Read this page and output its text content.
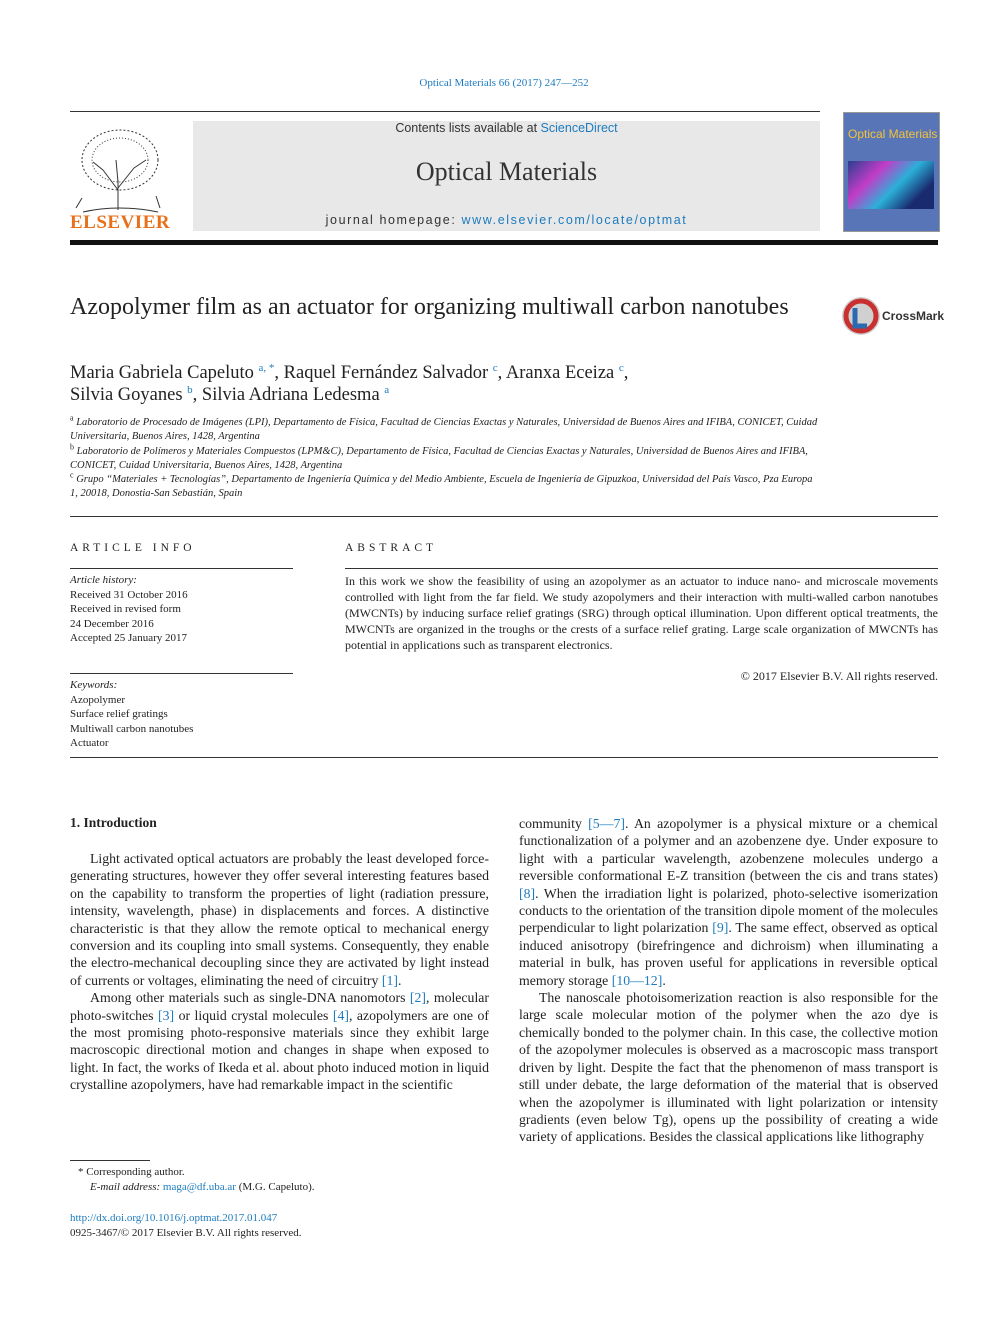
Optical Materials 66 (2017) 247—252
ELSEVIER
Contents lists available at ScienceDirect
Optical Materials
journal homepage: www.elsevier.com/locate/optmat
Optical Materials
Azopolymer film as an actuator for organizing multiwall carbon nanotubes	CrossMark
Maria Gabriela Capeluto $^{a, *}$, Raquel Fernández Salvador $^c$, Aranxa Eceiza $^c$,
Silvia Goyanes $^b$, Silvia Adriana Ledesma $^a$
$^a$ Laboratorio de Procesado de Imágenes (LPI), Departamento de Física, Facultad de Ciencias Exactas y Naturales, Universidad de Buenos Aires and IFIBA, CONICET, Cuidad Universitaria, Buenos Aires, 1428, Argentina
$^b$ Laboratorio de Polímeros y Materiales Compuestos (LPM&C), Departamento de Física, Facultad de Ciencias Exactas y Naturales, Universidad de Buenos Aires and IFIBA, CONICET, Cuidad Universitaria, Buenos Aires, 1428, Argentina
$^c$ Grupo “Materiales + Tecnologías”, Departamento de Ingeniería Química y del Medio Ambiente, Escuela de Ingeniería de Gipuzkoa, Universidad del País Vasco, Pza Europa 1, 20018, Donostia-San Sebastián, Spain
ARTICLE INFO
Article history:
Received 31 October 2016
Received in revised form
24 December 2016
Accepted 25 January 2017
Keywords:
Azopolymer
Surface relief gratings
Multiwall carbon nanotubes
Actuator
ABSTRACT
In this work we show the feasibility of using an azopolymer as an actuator to induce nano- and microscale movements controlled with light from the far field. We study azopolymers and their interaction with multi-walled carbon nanotubes (MWCNTs) by inducing surface relief gratings (SRG) through optical illumination. Upon different optical treatments, the MWCNTs are organized in the troughs or the crests of a surface relief grating. Large scale organization of MWCNTs has potential in applications such as transparent electronics.
© 2017 Elsevier B.V. All rights reserved.
1. Introduction

Light activated optical actuators are probably the least developed force-generating structures, however they offer several interesting features based on the capability to transform the properties of light (radiation pressure, intensity, wavelength, phase) in displacements and forces. A distinctive characteristic is that they allow the remote optical to mechanical energy conversion and its coupling into small systems. Consequently, they enable the electro-mechanical decoupling since they are activated by light instead of currents or voltages, eliminating the need of circuitry [1].

Among other materials such as single-DNA nanomotors [2], molecular photo-switches [3] or liquid crystal molecules [4], azopolymers are one of the most promising photo-responsive materials since they exhibit large macroscopic directional motion and changes in shape when exposed to light. In fact, the works of Ikeda et al. about photo induced motion in liquid crystalline azopolymers, have had remarkable impact in the scientific

community [5—7]. An azopolymer is a physical mixture or a chemical functionalization of a polymer and an azobenzene dye. Under exposure to light with a particular wavelength, azobenzene molecules undergo a reversible conformational E-Z transition (between the cis and trans states) [8]. When the irradiation light is polarized, photo-selective isomerization conducts to the orientation of the transition dipole moment of the molecules perpendicular to light polarization [9]. The same effect, observed as optical induced anisotropy (birefringence and dichroism) when illuminating a material in bulk, has proven useful for applications in reversible optical memory storage [10—12].

The nanoscale photoisomerization reaction is also responsible for the large scale molecular motion of the polymer when the azo dye is chemically bonded to the polymer chain. In this case, the collective motion of the azopolymer molecules is observed as a macroscopic mass transport driven by light. Despite the fact that the phenomenon of mass transport is still under debate, the large deformation of the material that is observed when the azopolymer is illuminated with light polarization or intensity gradients (even below Tg), opens up the possibility of creating a wide variety of applications. Besides the classical applications like lithography

* Corresponding author.
E-mail address: maga@df.uba.ar (M.G. Capeluto).
http://dx.doi.org/10.1016/j.optmat.2017.01.047
0925-3467/© 2017 Elsevier B.V. All rights reserved.
